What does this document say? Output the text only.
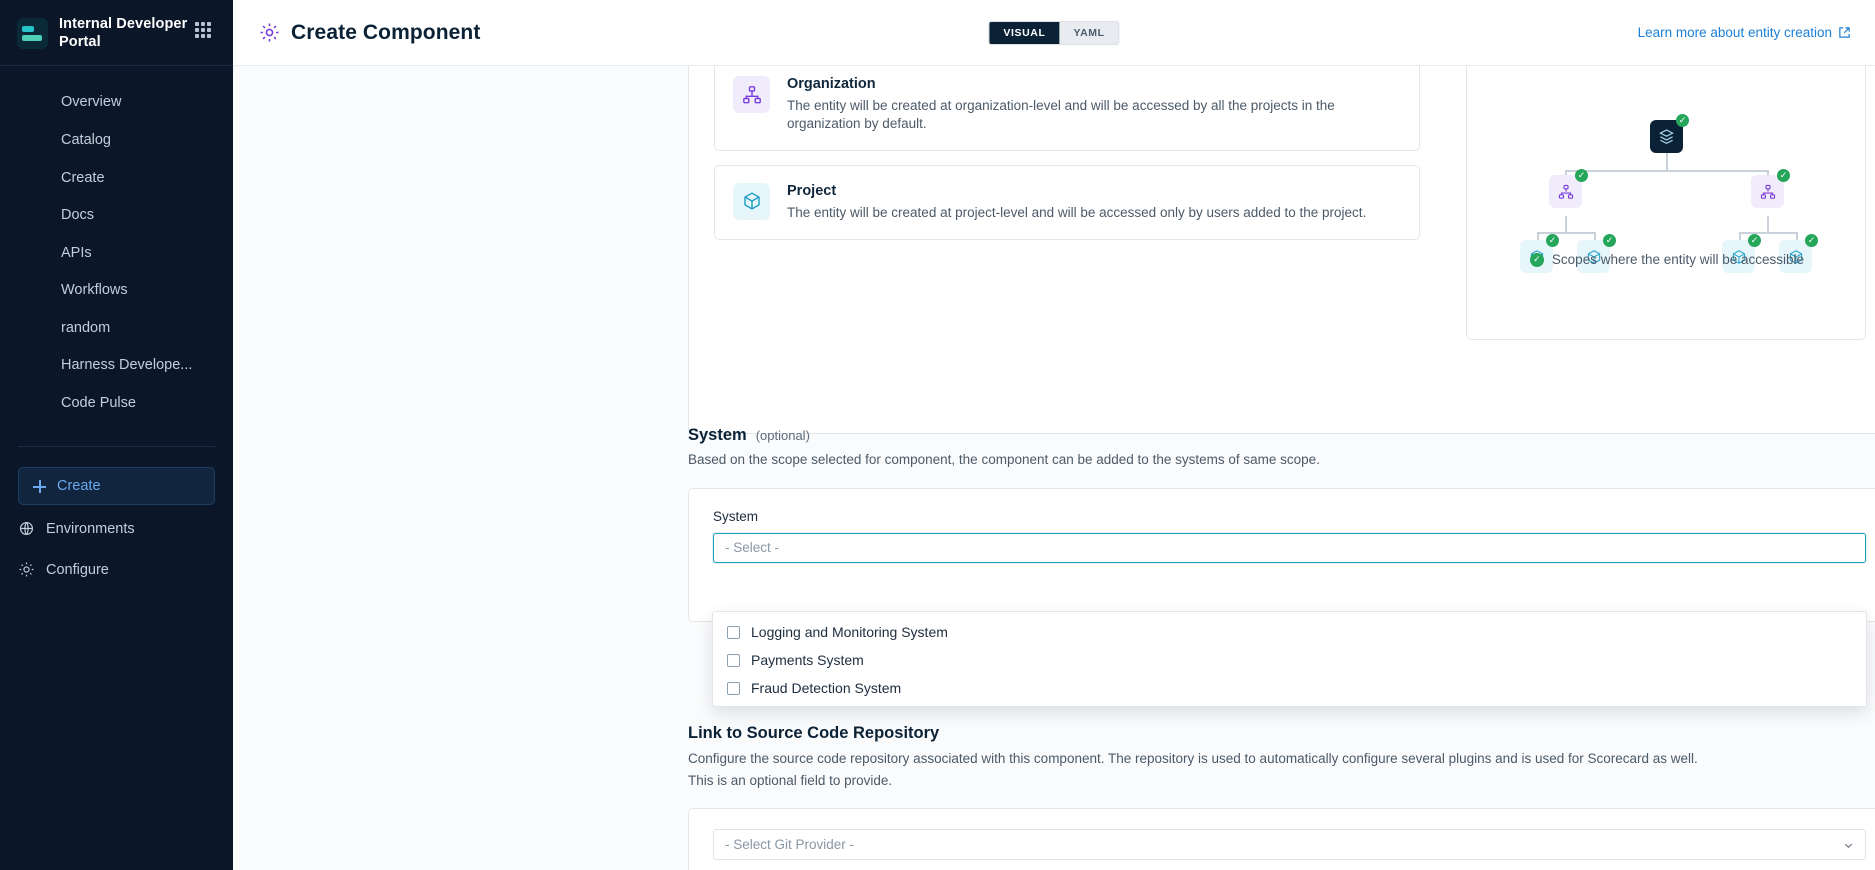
Internal Developer Portal
Overview
Catalog
Create
Docs
APIs
Workflows
random
Harness Develope...
Code Pulse
Create
Environments
Configure
Create Component	VISUAL	YAML	Learn more about entity creation
Organization
The entity will be created at organization-level and will be accessed by all the projects in the organization by default.
Project
The entity will be created at project-level and will be accessed only by users added to the project.
✓
✓	✓
✓	✓	✓	✓
✓ Scopes where the entity will be accessible
System (optional)
Based on the scope selected for component, the component can be added to the systems of same scope.
System
- Select -
Logging and Monitoring System
Payments System
Fraud Detection System
Link to Source Code Repository
Configure the source code repository associated with this component. The repository is used to automatically configure several plugins and is used for Scorecard as well.
This is an optional field to provide.
- Select Git Provider -
